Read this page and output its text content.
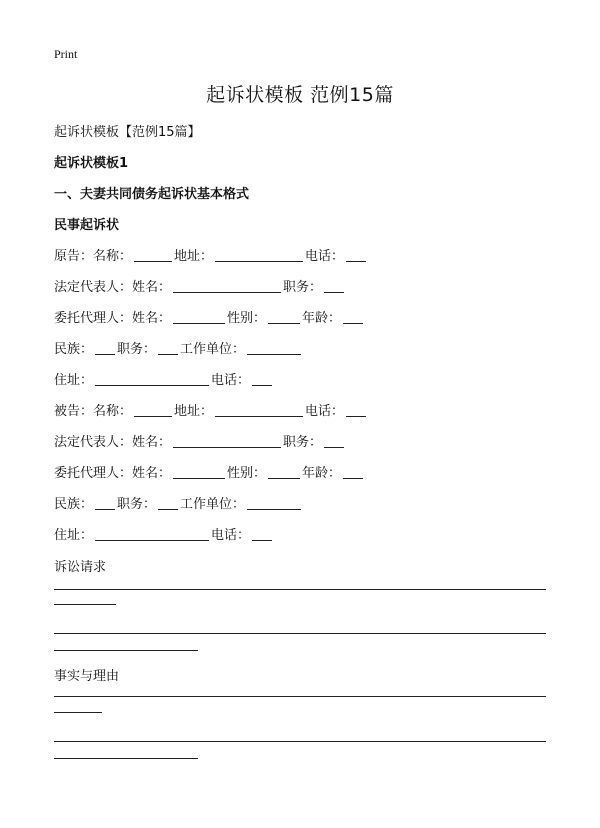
Print
起诉状模板 范例15篇
起诉状模板【范例15篇】
起诉状模板1
一、夫妻共同债务起诉状基本格式
民事起诉状
原告：名称：	地址：	电话：
法定代表人：姓名：	职务：
委托代理人：姓名：	性别：	年龄：
民族： 职务： 工作单位：
住址：	电话：
被告：名称：	地址：	电话：
法定代表人：姓名：	职务：
委托代理人：姓名：	性别：	年龄：
民族： 职务： 工作单位：
住址：	电话：
诉讼请求
事实与理由
